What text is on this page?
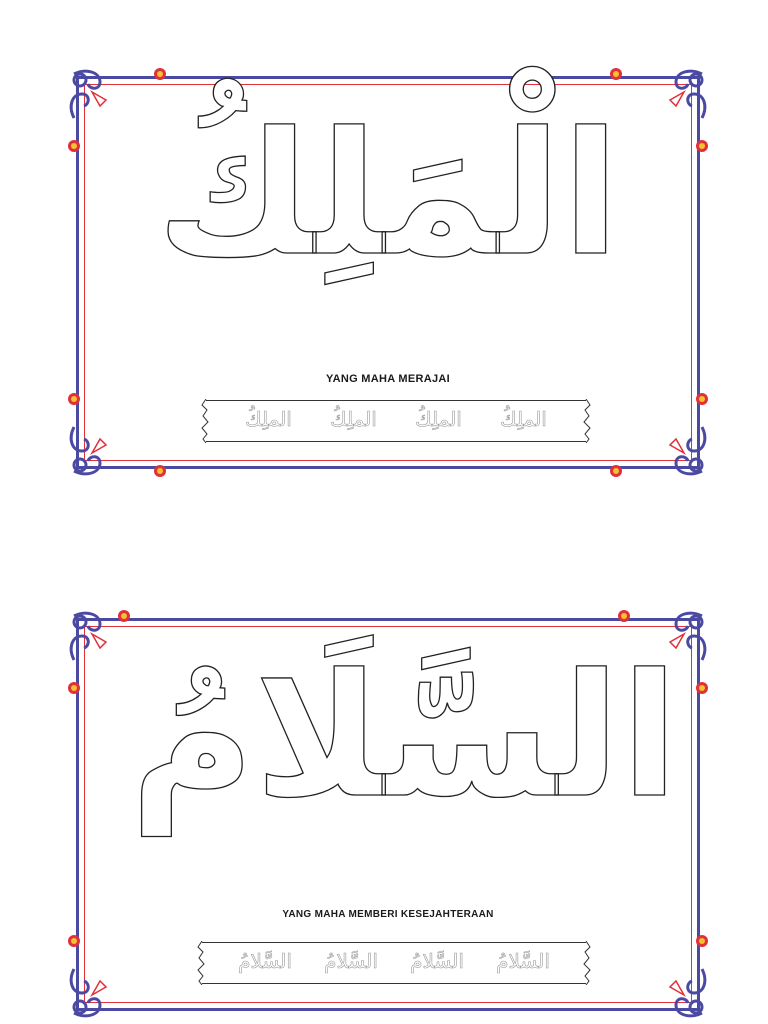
الْمَلِكُ
YANG MAHA MERAJAI
الملِكُ
الملِكُ
الملِكُ
الملِكُ
السَّلَامُ
YANG MAHA MEMBERI KESEJAHTERAAN
السَّلامُ
السَّلامُ
السَّلامُ
السَّلامُ
